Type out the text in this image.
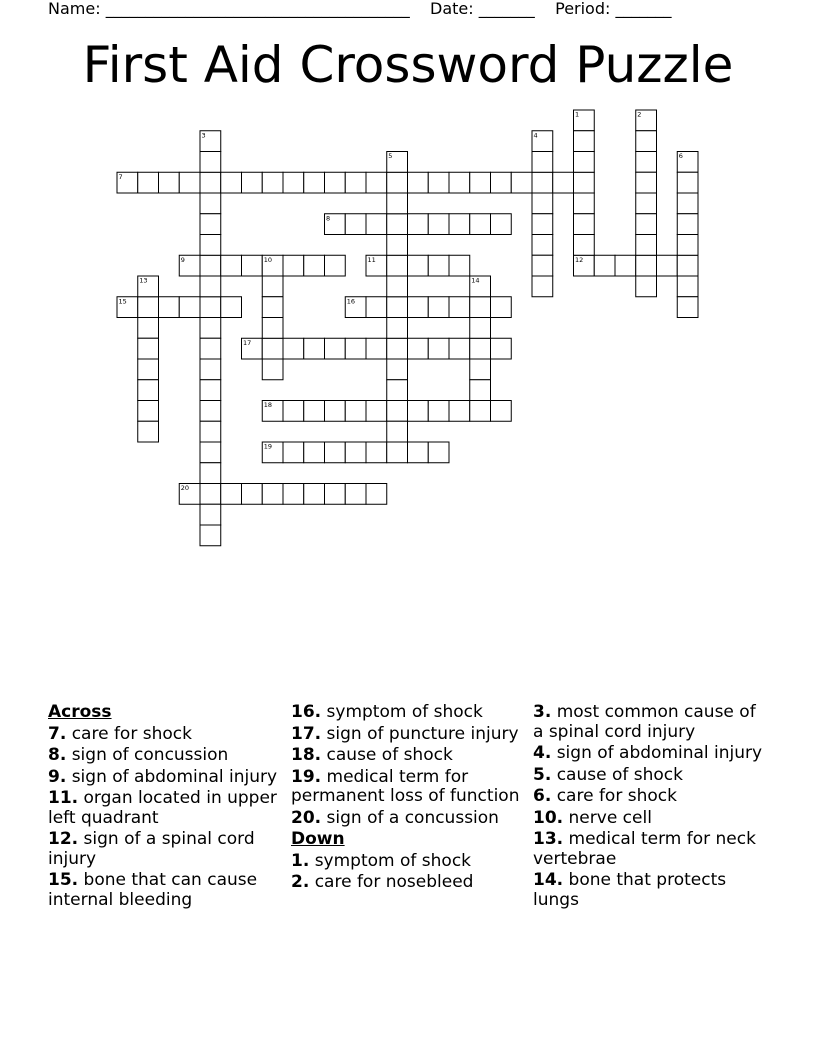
Name: ______________________________________ Date: _______ Period: _______
First Aid Crossword Puzzle
7
8
9	11	12
15	16
17
18
19
20
1	2
3	4
5	6
10
13	14
Across
7. care for shock
8. sign of concussion
9. sign of abdominal injury
11. organ located in upper left quadrant
12. sign of a spinal cord injury
15. bone that can cause internal bleeding
16. symptom of shock
17. sign of puncture injury
18. cause of shock
19. medical term for permanent loss of function
20. sign of a concussion
Down
1. symptom of shock
2. care for nosebleed
3. most common cause of a spinal cord injury
4. sign of abdominal injury
5. cause of shock
6. care for shock
10. nerve cell
13. medical term for neck vertebrae
14. bone that protects lungs
